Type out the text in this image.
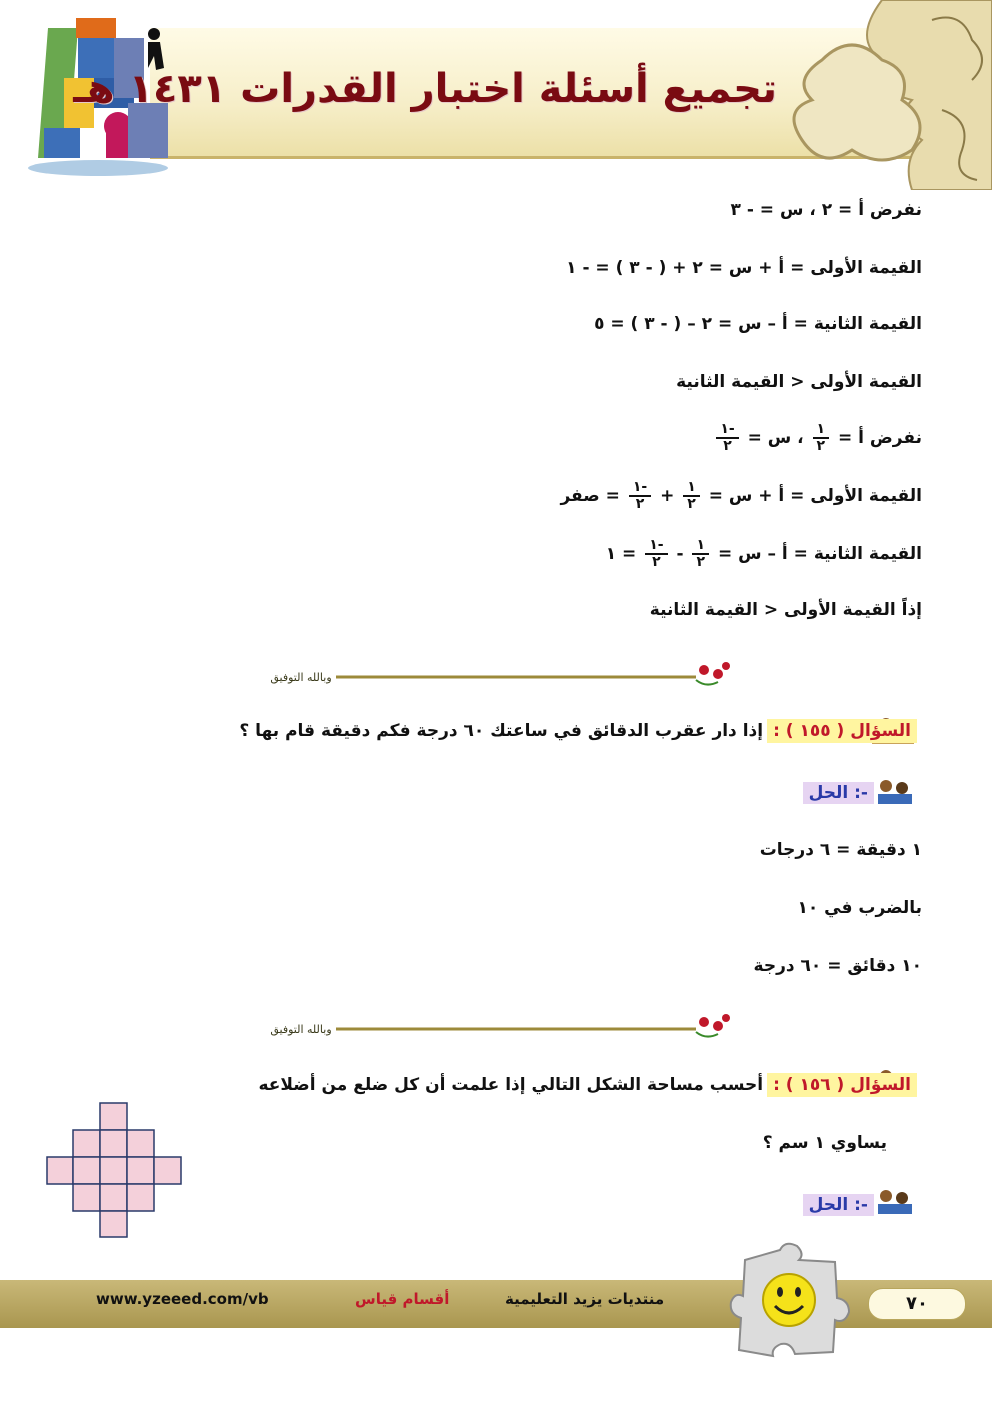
تجميع أسئلة اختبار القدرات ١٤٣١ هـ
نفرض أ = ٢ ، س = - ٣
القيمة الأولى = أ + س = ٢ + ( - ٣ ) = - ١
القيمة الثانية = أ – س = ٢ – ( - ٣ ) = ٥
القيمة الأولى < القيمة الثانية
نفرض أ =
$\frac{١}{٢}$
، س =
$\frac{-١}{٢}$
القيمة الأولى = أ + س =
$\frac{١}{٢}$
+
$\frac{-١}{٢}$
= صفر
القيمة الثانية = أ – س =
$\frac{١}{٢}$
-
$\frac{-١}{٢}$
= ١
إذاً القيمة الأولى < القيمة الثانية
وبالله التوفيق
السؤال ( ١٥٥ ) :إذا دار عقرب الدقائق في ساعتك ٦٠ درجة فكم دقيقة قام بها ؟
الحل :-
١ دقيقة = ٦ درجات
بالضرب في ١٠
١٠ دقائق = ٦٠ درجة
وبالله التوفيق
السؤال ( ١٥٦ ) :أحسب مساحة الشكل التالي إذا علمت أن كل ضلع من أضلاعه
يساوي ١ سم ؟
الحل :-
٧٠
منتديات يزيد التعليمية
أقسام قياس
www.yzeeed.com/vb
